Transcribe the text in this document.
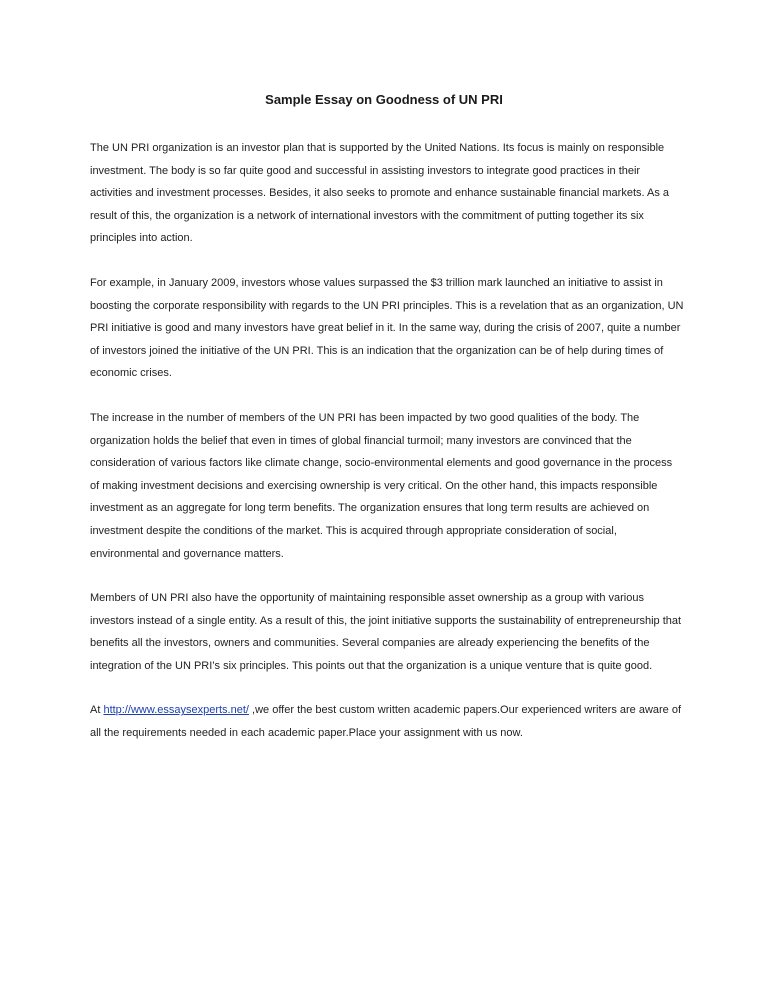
Sample Essay on Goodness of UN PRI

The UN PRI organization is an investor plan that is supported by the United Nations. Its focus is mainly on responsible investment. The body is so far quite good and successful in assisting investors to integrate good practices in their activities and investment processes. Besides, it also seeks to promote and enhance sustainable financial markets. As a result of this, the organization is a network of international investors with the commitment of putting together its six principles into action.

For example, in January 2009, investors whose values surpassed the $3 trillion mark launched an initiative to assist in boosting the corporate responsibility with regards to the UN PRI principles. This is a revelation that as an organization, UN PRI initiative is good and many investors have great belief in it. In the same way, during the crisis of 2007, quite a number of investors joined the initiative of the UN PRI. This is an indication that the organization can be of help during times of economic crises.

The increase in the number of members of the UN PRI has been impacted by two good qualities of the body. The organization holds the belief that even in times of global financial turmoil; many investors are convinced that the consideration of various factors like climate change, socio-environmental elements and good governance in the process of making investment decisions and exercising ownership is very critical. On the other hand, this impacts responsible investment as an aggregate for long term benefits. The organization ensures that long term results are achieved on investment despite the conditions of the market. This is acquired through appropriate consideration of social, environmental and governance matters.

Members of UN PRI also have the opportunity of maintaining responsible asset ownership as a group with various investors instead of a single entity. As a result of this, the joint initiative supports the sustainability of entrepreneurship that benefits all the investors, owners and communities. Several companies are already experiencing the benefits of the integration of the UN PRI’s six principles. This points out that the organization is a unique venture that is quite good.

At http://www.essaysexperts.net/ ,we offer the best custom written academic papers.Our experienced writers are aware of all the requirements needed in each academic paper.Place your assignment with us now.
